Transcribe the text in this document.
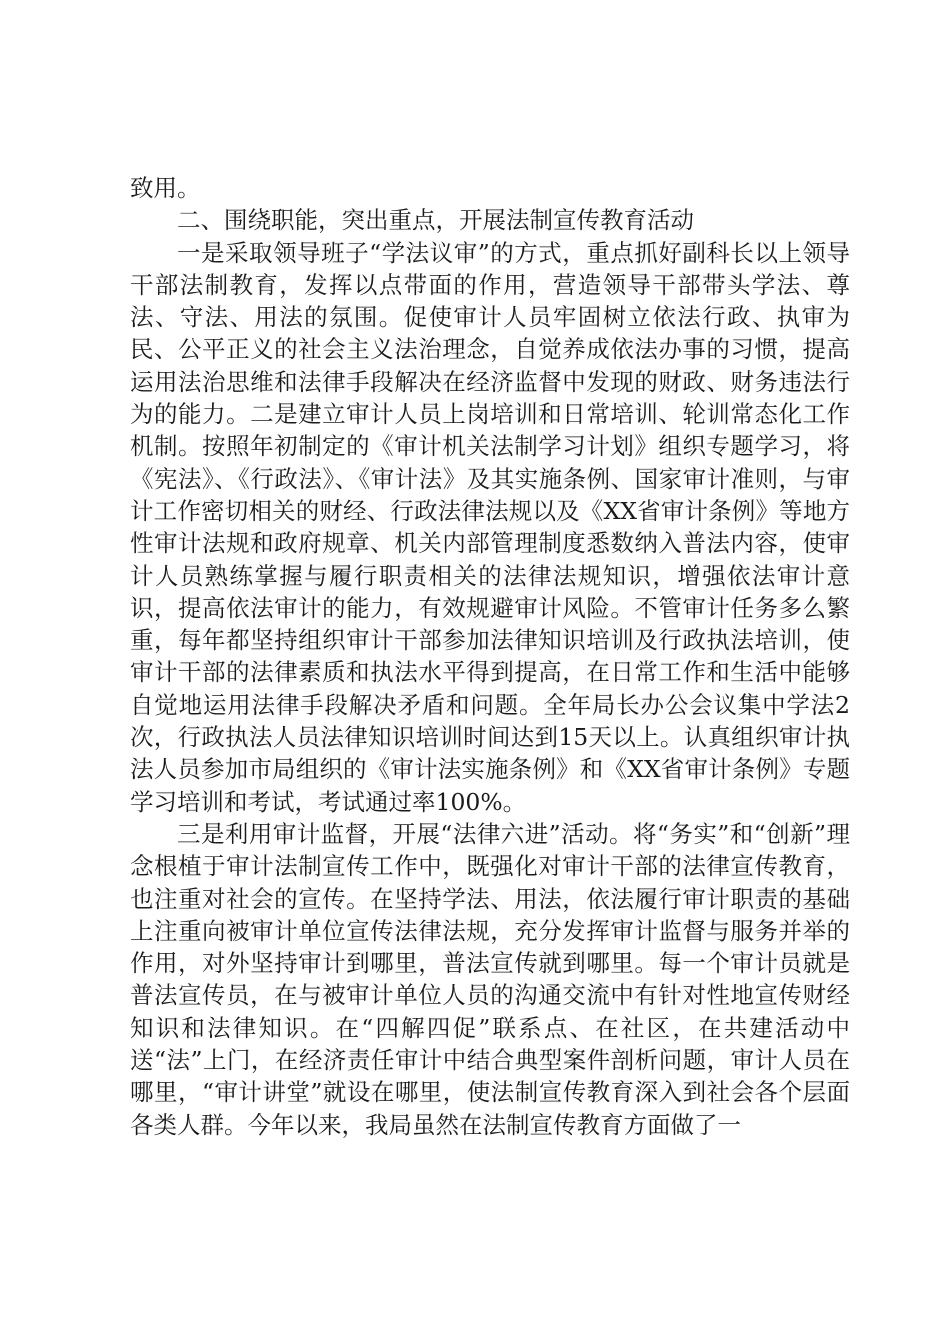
致用。

二、围绕职能，突出重点，开展法制宣传教育活动

一是采取领导班子“学法议审”的方式，重点抓好副科长以上领导干部法制教育，发挥以点带面的作用，营造领导干部带头学法、尊法、守法、用法的氛围。促使审计人员牢固树立依法行政、执审为民、公平正义的社会主义法治理念，自觉养成依法办事的习惯，提高运用法治思维和法律手段解决在经济监督中发现的财政、财务违法行为的能力。二是建立审计人员上岗培训和日常培训、轮训常态化工作机制。按照年初制定的《审计机关法制学习计划》组织专题学习，将《宪法》、《行政法》、《审计法》及其实施条例、国家审计准则，与审计工作密切相关的财经、行政法律法规以及《XX省审计条例》等地方性审计法规和政府规章、机关内部管理制度悉数纳入普法内容，使审计人员熟练掌握与履行职责相关的法律法规知识，增强依法审计意识，提高依法审计的能力，有效规避审计风险。不管审计任务多么繁重，每年都坚持组织审计干部参加法律知识培训及行政执法培训，使审计干部的法律素质和执法水平得到提高，在日常工作和生活中能够自觉地运用法律手段解决矛盾和问题。全年局长办公会议集中学法2次，行政执法人员法律知识培训时间达到15天以上。认真组织审计执法人员参加市局组织的《审计法实施条例》和《XX省审计条例》专题学习培训和考试，考试通过率100%。

三是利用审计监督，开展“法律六进”活动。将“务实”和“创新”理念根植于审计法制宣传工作中，既强化对审计干部的法律宣传教育，也注重对社会的宣传。在坚持学法、用法，依法履行审计职责的基础上注重向被审计单位宣传法律法规，充分发挥审计监督与服务并举的作用，对外坚持审计到哪里，普法宣传就到哪里。每一个审计员就是普法宣传员，在与被审计单位人员的沟通交流中有针对性地宣传财经知识和法律知识。在“四解四促”联系点、在社区，在共建活动中送“法”上门，在经济责任审计中结合典型案件剖析问题，审计人员在哪里，“审计讲堂”就设在哪里，使法制宣传教育深入到社会各个层面各类人群。今年以来，我局虽然在法制宣传教育方面做了一
